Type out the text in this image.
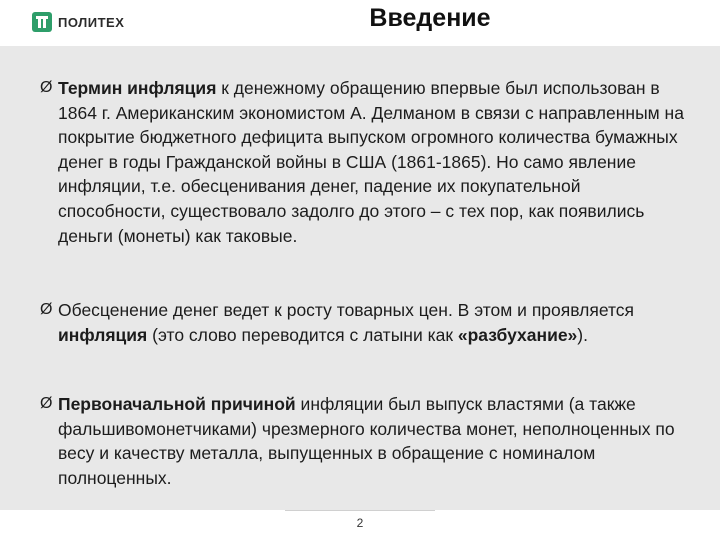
ПОЛИТЕХ	Введение
Ø Термин инфляция к денежному обращению впервые был использован в 1864 г. Американским экономистом А. Делманом в связи с направленным на покрытие бюджетного дефицита выпуском огромного количества бумажных денег в годы Гражданской войны в США (1861-1865). Но само явление инфляции, т.е. обесценивания денег, падение их покупательной способности, существовало задолго до этого – с тех пор, как появились деньги (монеты) как таковые.
Ø Обесценение денег ведет к росту товарных цен. В этом и проявляется инфляция (это слово переводится с латыни как «разбухание»).
Ø Первоначальной причиной инфляции был выпуск властями (а также фальшивомонетчиками) чрезмерного количества монет, неполноценных по весу и качеству металла, выпущенных в обращение с номиналом полноценных.
2
